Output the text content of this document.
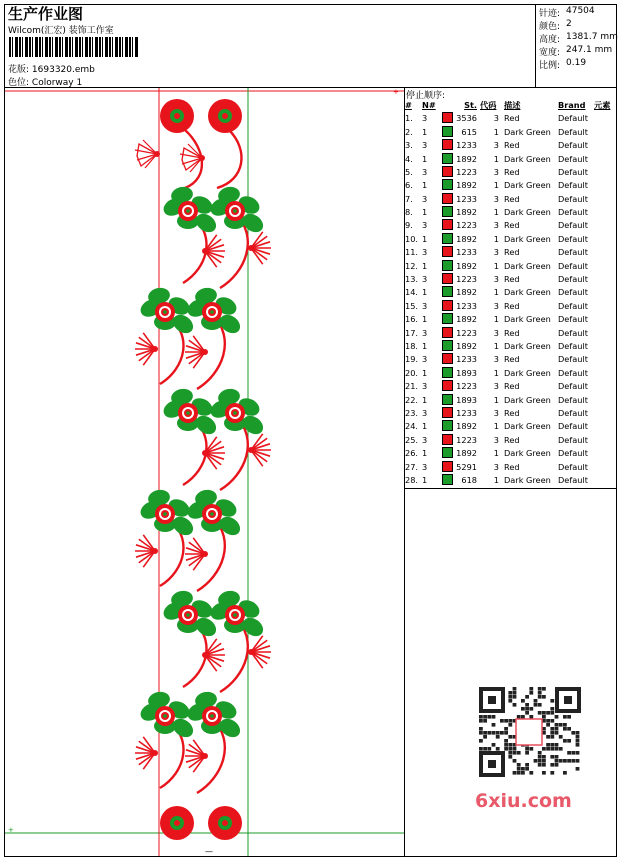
生产作业图
Wilcom(汇宏) 装饰工作室
花版: 1693320.emb
色位: Colorway 1
针迹: 47504
颜色: 2
高度: 1381.7 mm
宽度: 247.1 mm
比例: 0.19
—
+
+ 停止顺序:
#	N#	St.	代码	描述	Brand	元素
1.	3	3536	3	Red	Default	
2.	1	615	1	Dark Green	Default	
3.	3	1233	3	Red	Default	
4.	1	1892	1	Dark Green	Default	
5.	3	1223	3	Red	Default	
6.	1	1892	1	Dark Green	Default	
7.	3	1233	3	Red	Default	
8.	1	1892	1	Dark Green	Default	
9.	3	1223	3	Red	Default	
10.	1	1892	1	Dark Green	Default	
11.	3	1233	3	Red	Default	
12.	1	1892	1	Dark Green	Default	
13.	3	1223	3	Red	Default	
14.	1	1892	1	Dark Green	Default	
15.	3	1233	3	Red	Default	
16.	1	1892	1	Dark Green	Default	
17.	3	1223	3	Red	Default	
18.	1	1892	1	Dark Green	Default	
19.	3	1233	3	Red	Default	
20.	1	1893	1	Dark Green	Default	
21.	3	1223	3	Red	Default	
22.	1	1893	1	Dark Green	Default	
23.	3	1233	3	Red	Default	
24.	1	1892	1	Dark Green	Default	
25.	3	1223	3	Red	Default	
26.	1	1892	1	Dark Green	Default	
27.	3	5291	3	Red	Default	
28.	1	618	1	Dark Green	Default	
6xiu.com
